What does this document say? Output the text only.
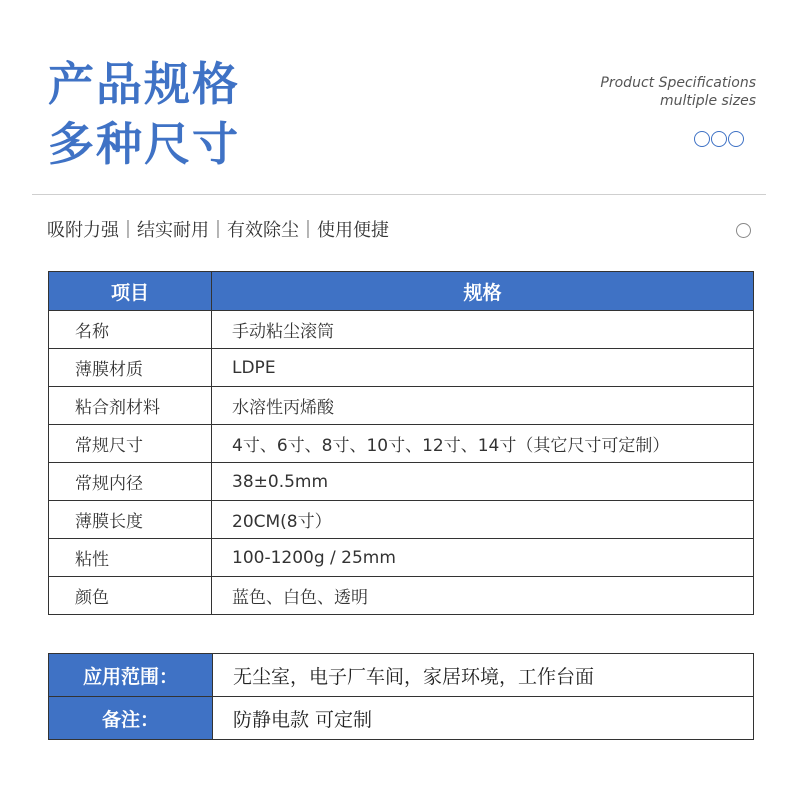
产品规格
多种尺寸
Product Specifications
multiple sizes
吸附力强｜结实耐用｜有效除尘｜使用便捷
项目	规格
名称	手动粘尘滚筒
薄膜材质	LDPE
粘合剂材料	水溶性丙烯酸
常规尺寸	4寸、6寸、8寸、10寸、12寸、14寸（其它尺寸可定制）
常规内径	38±0.5mm
薄膜长度	20CM(8寸）
粘性	100-1200g / 25mm
颜色	蓝色、白色、透明
应用范围：	无尘室，电子厂车间，家居环境，工作台面
备注：	防静电款 可定制
